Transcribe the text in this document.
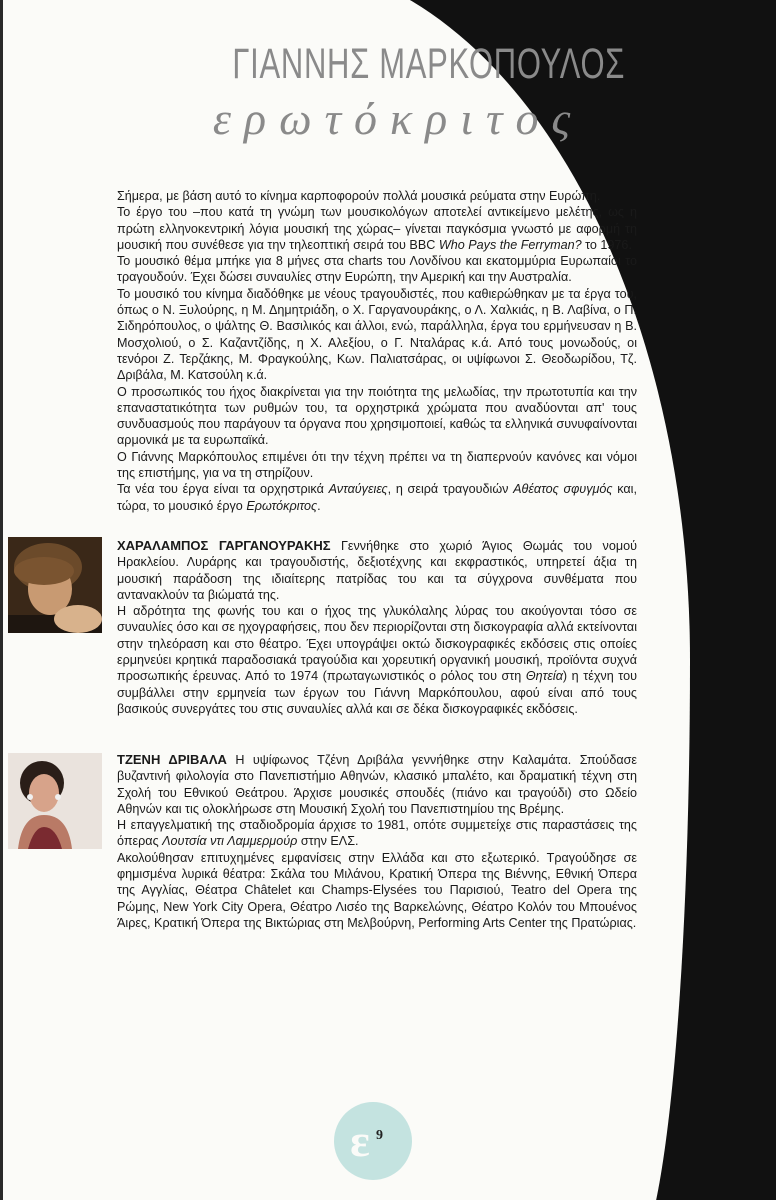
ΓΙΑΝΝΗΣ ΜΑΡΚΟΠΟΥΛΟΣ
ερωτόκριτος

Σήμερα, με βάση αυτό το κίνημα καρποφορούν πολλά μουσικά ρεύματα στην Ευρώπη.

Το έργο του –που κατά τη γνώμη των μουσικολόγων αποτελεί αντικείμενο μελέτης, ως η πρώτη ελληνοκεντρική λόγια μουσική της χώρας– γίνεται παγκόσμια γνωστό με αφορμή τη μουσική που συνέθεσε για την τηλεοπτική σειρά του BBC Who Pays the Ferryman? το 1976.

Το μουσικό θέμα μπήκε για 8 μήνες στα charts του Λονδίνου και εκατομμύρια Ευρωπαίοι το τραγουδούν. Έχει δώσει συναυλίες στην Ευρώπη, την Αμερική και την Αυστραλία.

Το μουσικό του κίνημα διαδόθηκε με νέους τραγουδιστές, που καθιερώθηκαν με τα έργα του, όπως ο Ν. Ξυλούρης, η Μ. Δημητριάδη, ο Χ. Γαργανουράκης, ο Λ. Χαλκιάς, η Β. Λαβίνα, ο Π. Σιδηρόπουλος, ο ψάλτης Θ. Βασιλικός και άλλοι, ενώ, παράλληλα, έργα του ερμήνευσαν η Β. Μοσχολιού, ο Σ. Καζαντζίδης, η Χ. Αλεξίου, ο Γ. Νταλάρας κ.ά. Από τους μονωδούς, οι τενόροι Ζ. Τερζάκης, Μ. Φραγκούλης, Κων. Παλιατσάρας, οι υψίφωνοι Σ. Θεοδωρίδου, Τζ. Δριβάλα, Μ. Κατσούλη κ.ά.

Ο προσωπικός του ήχος διακρίνεται για την ποιότητα της μελωδίας, την πρωτοτυπία και την επαναστατικότητα των ρυθμών του, τα ορχηστρικά χρώματα που αναδύονται απ' τους συνδυασμούς που παράγουν τα όργανα που χρησιμοποιεί, καθώς τα ελληνικά συνυφαίνονται αρμονικά με τα ευρωπαϊκά.

Ο Γιάννης Μαρκόπουλος επιμένει ότι την τέχνη πρέπει να τη διαπερνούν κανόνες και νόμοι της επιστήμης, για να τη στηρίζουν.

Τα νέα του έργα είναι τα ορχηστρικά Ανταύγειες, η σειρά τραγουδιών Αθέατος σφυγμός και, τώρα, το μουσικό έργο Ερωτόκριτος.

ΧΑΡΑΛΑΜΠΟΣ ΓΑΡΓΑΝΟΥΡΑΚΗΣ Γεννήθηκε στο χωριό Άγιος Θωμάς του νομού Ηρακλείου. Λυράρης και τραγουδιστής, δεξιοτέχνης και εκφραστικός, υπηρετεί άξια τη μουσική παράδοση της ιδιαίτερης πατρίδας του και τα σύγχρονα συνθέματα που αντανακλούν τα βιώματά της.

Η αδρότητα της φωνής του και ο ήχος της γλυκόλαλης λύρας του ακούγονται τόσο σε συναυλίες όσο και σε ηχογραφήσεις, που δεν περιορίζονται στη δισκογραφία αλλά εκτείνονται στην τηλεόραση και στο θέατρο. Έχει υπογράψει οκτώ δισκογραφικές εκδόσεις στις οποίες ερμηνεύει κρητικά παραδοσιακά τραγούδια και χορευτική οργανική μουσική, προϊόντα συχνά προσωπικής έρευνας. Από το 1974 (πρωταγωνιστικός ο ρόλος του στη Θητεία) η τέχνη του συμβάλλει στην ερμηνεία των έργων του Γιάννη Μαρκόπουλου, αφού είναι από τους βασικούς συνεργάτες του στις συναυλίες αλλά και σε δέκα δισκογραφικές εκδόσεις.

ΤΖΕΝΗ ΔΡΙΒΑΛΑ Η υψίφωνος Τζένη Δριβάλα γεννήθηκε στην Καλαμάτα. Σπούδασε βυζαντινή φιλολογία στο Πανεπιστήμιο Αθηνών, κλασικό μπαλέτο, και δραματική τέχνη στη Σχολή του Εθνικού Θεάτρου. Άρχισε μουσικές σπουδές (πιάνο και τραγούδι) στο Ωδείο Αθηνών και τις ολοκλήρωσε στη Μουσική Σχολή του Πανεπιστημίου της Βρέμης.

Η επαγγελματική της σταδιοδρομία άρχισε το 1981, οπότε συμμετείχε στις παραστάσεις της όπερας Λουτσία ντι Λαμμερμούρ στην ΕΛΣ.

Ακολούθησαν επιτυχημένες εμφανίσεις στην Ελλάδα και στο εξωτερικό. Τραγούδησε σε φημισμένα λυρικά θέατρα: Σκάλα του Μιλάνου, Κρατική Όπερα της Βιέννης, Εθνική Όπερα της Αγγλίας, Θέατρα Châtelet και Champs-Elysées του Παρισιού, Teatro del Opera της Ρώμης, New York City Opera, Θέατρο Λισέο της Βαρκελώνης, Θέατρο Κολόν του Μπουένος Άιρες, Κρατική Όπερα της Βικτώριας στη Μελβούρνη, Performing Arts Center της Πρατώριας.

ɛ 9
